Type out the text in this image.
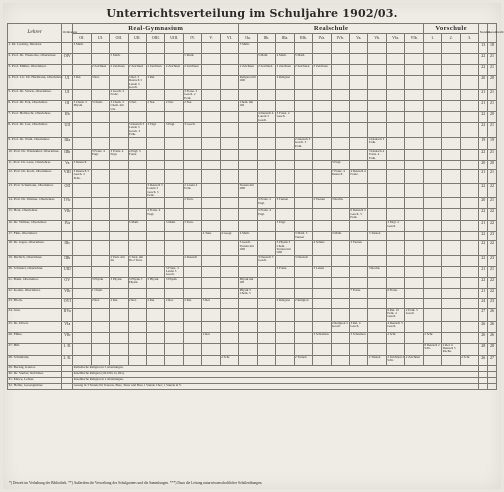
Unterrichtsverteilung im Schuljahre 1902/03.
Lehrer	Ordinariate	Real-Gymnasium									Realschule										Vorschule			Stunden	Gesamtzahl
		OI.	UI.	OII.	UII.	OIII.	UIII.	IV.	V.	VI.	IIa.	IIb.	IIIa.	IIIb.	IVa.	IVb.	Va.	Vb.	VIa.	VIb.	1.	2.	3.		
1. Dr. Ludwig, Direktor		3 Math.									5 Math.													13	18
2. Prof. Dr. Wienecke, Oberlehrer.	OIV			5 Math.				5 Math.				5 Math.	4 Math.	5 Math.										22	21
3. Prof. Müller, Oberlehrer.			2 Zeichnen	2 Zeichnen	2 Zeichnen	2 Zeichnen	2 Zeichnen	2 Zeichnen			2 Zeichnen	2 Zeichnen	2 Zeichnen	2 Zeichnen	2 Zeichnen									22	21
4. Prof. Lic. Dr. Hartmann, Oberlehrer.	UI	3 Rel.	3 Rel.		3 Rel. 3 Deutsch 3 Latein 3 Gesch.	3 Rel.					Religion mit OIII		2 Religion											20	20
5. Prof. Dr. Strack, Oberlehrer.	UI			2 Gesch. 3 Franz.				3 Franz. 3 Gesch. 2 Erdk.																21	21
6. Prof. Dr. Eck, Oberlehrer.	OI	3 Chem. 3 Physik	3 Chem.	3 Chem. 3 Chem. mit UIe	3 Nat.	2 Nat.	2 Nat.	2 Nat.			Chem. mit OII													21	21
7. Prof. Helbrecht, Oberlehrer.	IIb											4 Deutsch 4 Latein 3 Gesch.	3 Franz. 2 Gesch.											22	20
8. Prof. Dr. Jost, Oberlehrer.	UII				3 Deutsch 3 Latein 3 Gesch. 3 Erdk.	3 Engl.	3 Engl.	3 Gesch.																22	21
9. Prof. Dr. Wohl, Oberlehrer.	IIIa													2 Deutsch 3 Gesch. 3 Erdk.				4 Deutsch 3 Erdk.						19	19
10. Prof. Dr. Wiedekind, Oberlehrer.	IIIb		3 Franz. 4 Engl.	3 Franz. 4 Engl.	4 Engl. 3 Franz.													3 Deutsch 4 Franz. 4 Erdk.						22	21
11. Prof. Dr. Lenz, Oberlehrer.	Va	3 Deutsch														3 Engl.								20	20
12. Prof. Dr. Koch, Oberlehrer.	VIII	3 Deutsch 3 Gesch. 3 Erdk.														7 Franz. 4 Deutsch	4 Deutsch 4 Franz.							21	21
13. Prof. Schumann, Oberlehrer.	OII					3 Deutsch 3 Latein 3 Gesch. 3 Erdk.		2 Latein 4 Erdk.			Turnen mit OIII													22	22
14. Prof. Dr. Weimer, Oberlehrer.	IVb							2 Turn.				3 Franz. 2 Engl.	3 Turnen		2 Turnen	3 Rechn.								20	21
15. Holz, Oberlehrer.	VIb					4 Franz. 4 Engl.						5 Franz. 4 Engl.					6 Deutsch 3 Gesch. 3 Erdk.							22	22
16. Dr. Villmar, Oberlehrer.	IVa				5 Math.		3 Math.	3 Turn.					3 Engl.						3 Engl. 2 Gesch.					21	22
17. Fink, Oberlehrer.									4 Turn.	4 Geogr.	4 Math.			3 Math. 3 Turnen		3 Math.		3 Turnen						22	23
18. Dr. Jegen, Oberlehrer.	IIIc										3 Gesch. Turnen mit OIII		3 Physik 3 Chem. Turnen mit OIII		4 Schule		3 Turnen							22	22
19. Diebich, Oberlehrer.	IIIb			2 Turn. mit IIa	3 Turn. mit IIa 2 Turn.			4 Deutsch				3 Deutsch 3 Gesch.		3 Deutsch										22	23
20. Schiedel, Oberlehrer.	UIII						3 Franz. 3 Latein 3 Gesch.						3 Franz.		3 Latein			3 Rechn.						21	21
21. Balm, Oberlehrer.	OV		3 Physik	3 Physik	3 Physik 3 Physik	3 Physik	3 Physik				Physik mit OII													22	22
22. Koehn, Oberlehrer.	VIb		1 Chem.								Physik 3 Chem. 3						7 Franz.		6 Franz.					21	22
23. Block.	OVI		2 Rel.	2 Rel.	2 Rel.	2 Rel.	2 Rel.	2 Rel.	3 Rel.				2 Religion	2 Religion										24	23
24. Jesu.	IIVa																		9 Rel. 10 Erdk. 4 Gesch.	2 Erdk. 3 Gesch.				27	26
25. Dr. Ulbert.	VIa															2 Religion 3 Gesch.	3 Rel. 4 Gesch.		4 Deutsch 3 Gesch.					26	26
26. Fülke.	VIb								2 Rel.						3 Schreiben		3 Schreiben		2 Schr.		2 Schr.			26	26
27. Hill.	1. B.																				8 Deutsch 2 Schr.	2 Rel. 6 Deutsch 5 Rechn.		28	28
28. Schumann.	2. R.									2 Schr.				2 Turnen				2 Turnen	2 Zeichnen 2 Schr.	2 Zeichnen			2 Schr.	26	27
29. Beckig, Kantor.		Katholische Religion in 3 Abteilungen.																							
30. Dr. Sauber, Rabbiner.		Israelitische Religion (OI-UIII, Ia, IIIa).																							
31. Mewe, Lehrer.		Israelitische Religion in 2 Abteilungen.																							
32. Haller, Gesanglehrer.		Gesang in 3 Stunde für Tenorus, Bass, Tenor und Bass 1 Stunde Chor; 1 Stunde in V.																							
*) Derzeit im Verhaltung der Bibliothek. **) Außerdem die Verwaltung des Schulgartens und die Sammlungen. ***) Dazu die Leitung naturwissenschaftlicher Schülerübungen.
